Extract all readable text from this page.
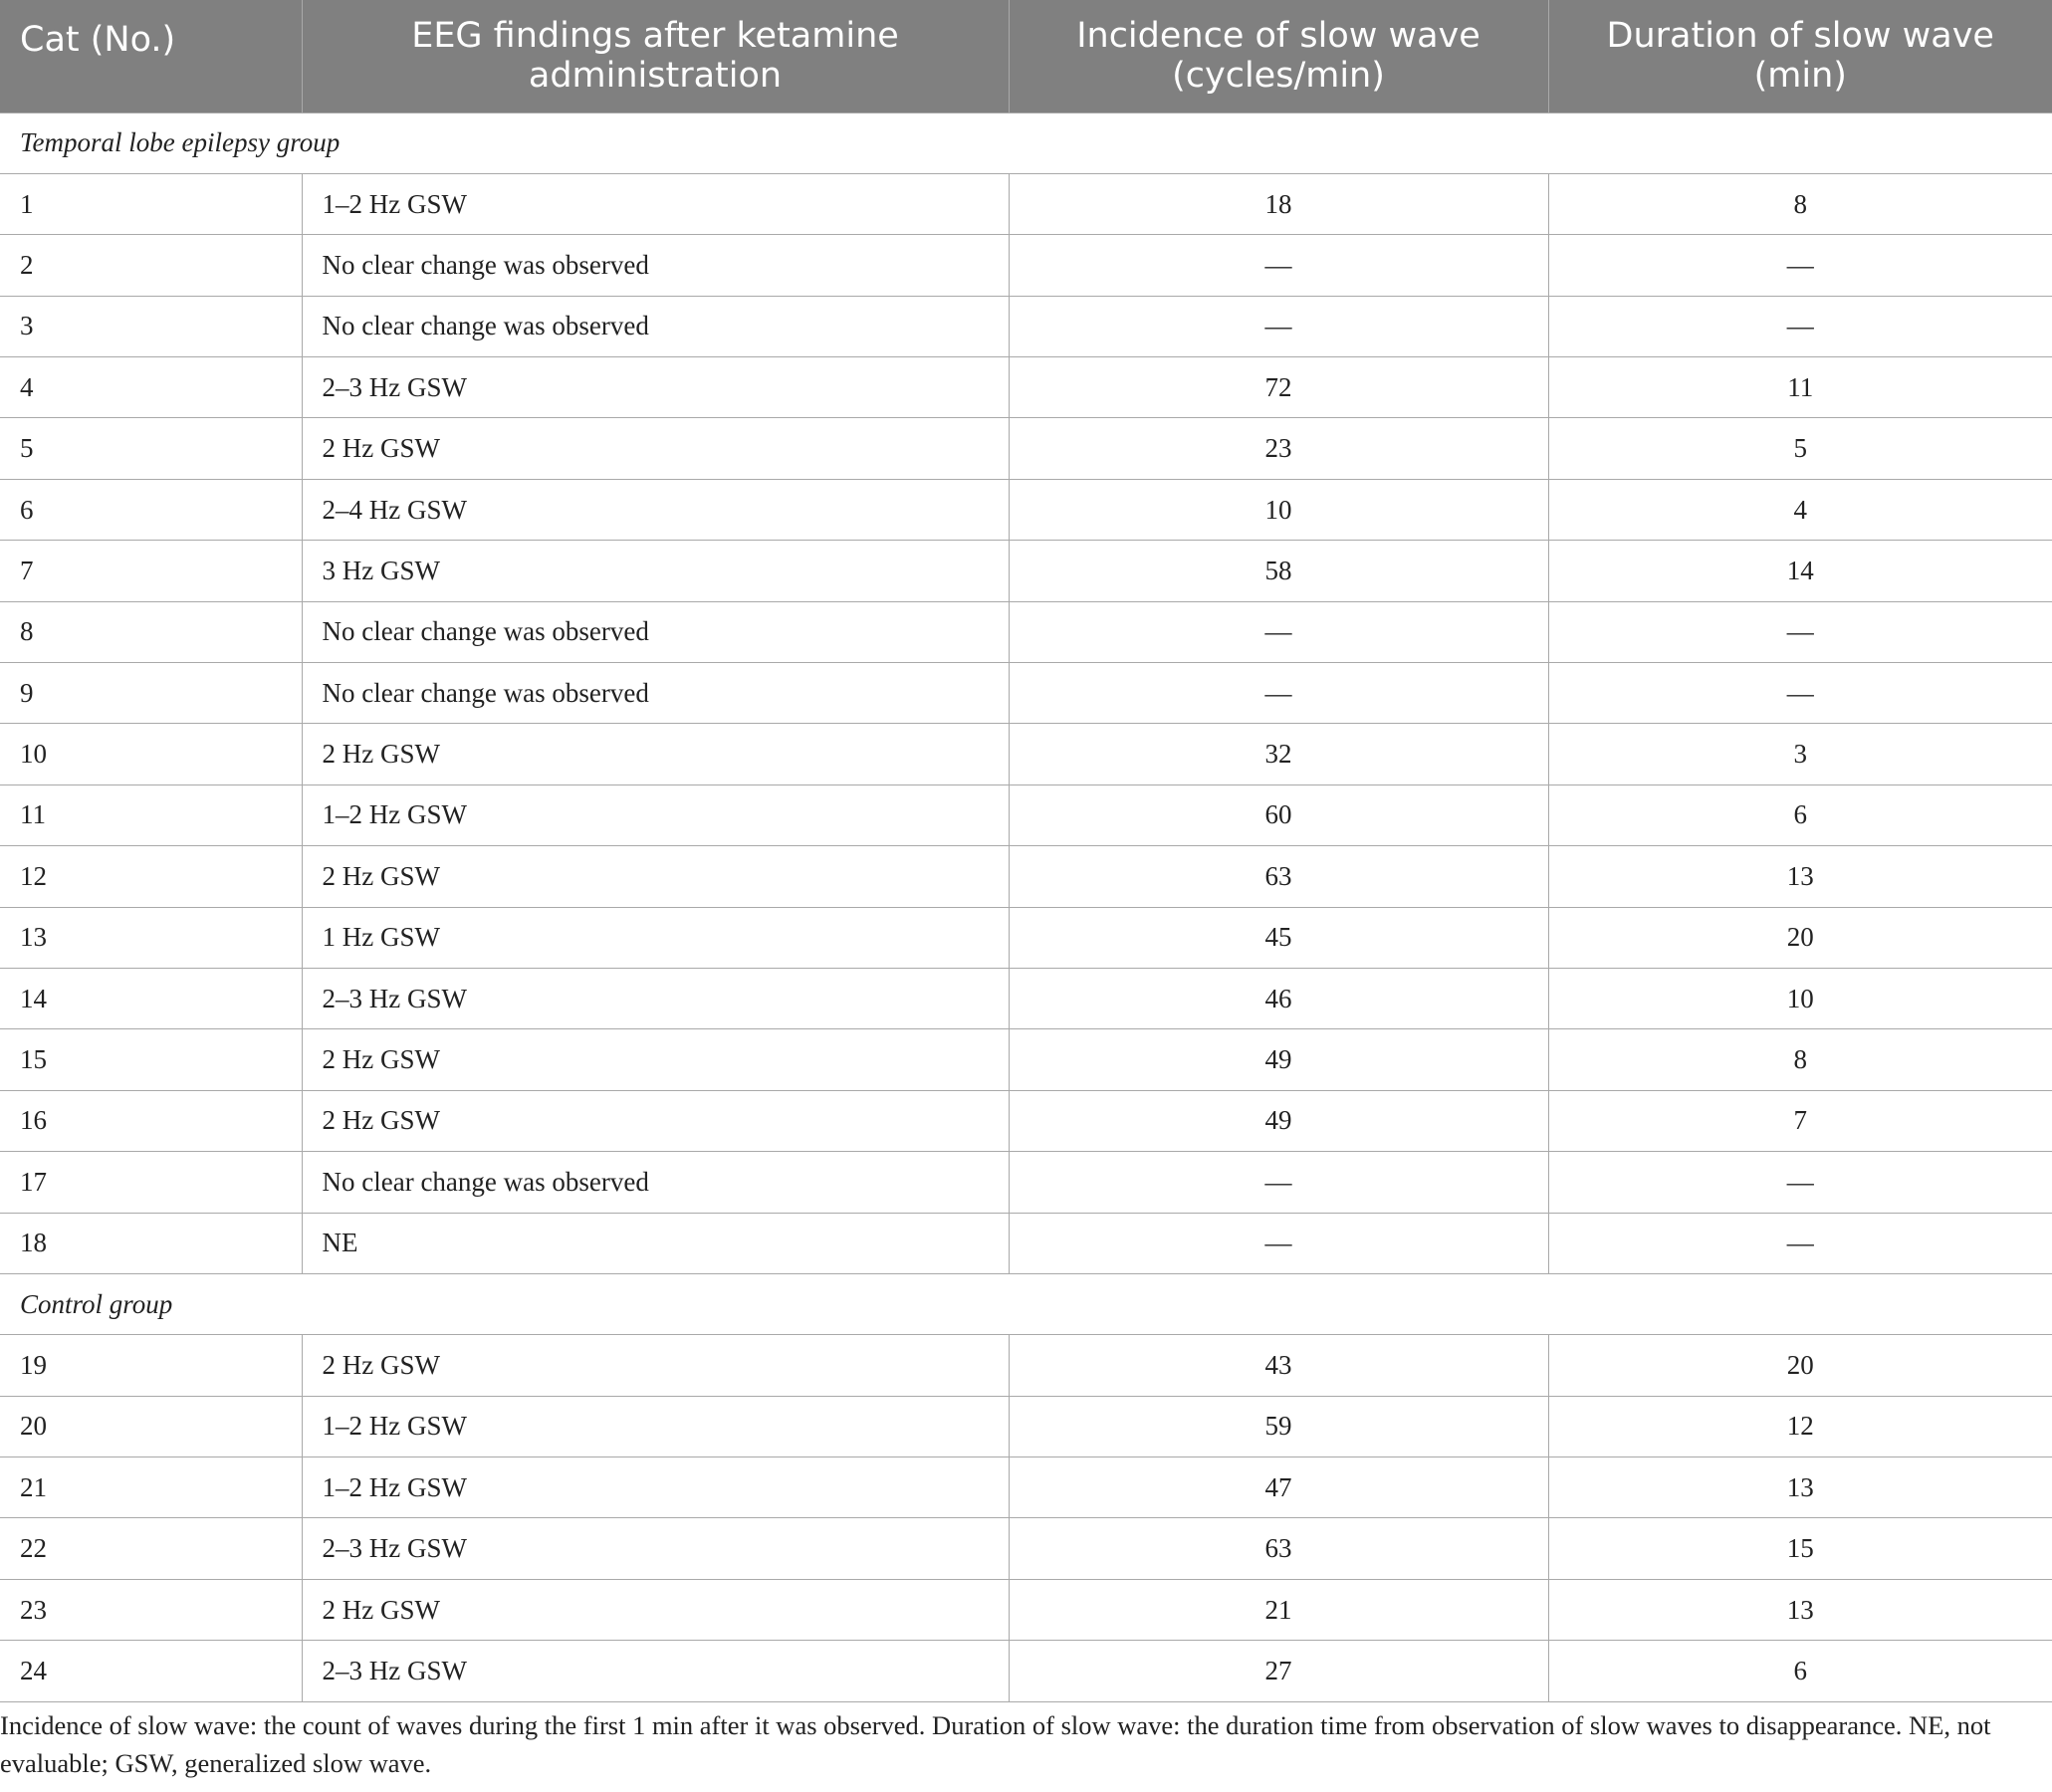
Cat (No.)	EEG findings after ketamine administration	Incidence of slow wave (cycles/min)	Duration of slow wave (min)
Temporal lobe epilepsy group			
1	1–2 Hz GSW	18	8
2	No clear change was observed	—	—
3	No clear change was observed	—	—
4	2–3 Hz GSW	72	11
5	2 Hz GSW	23	5
6	2–4 Hz GSW	10	4
7	3 Hz GSW	58	14
8	No clear change was observed	—	—
9	No clear change was observed	—	—
10	2 Hz GSW	32	3
11	1–2 Hz GSW	60	6
12	2 Hz GSW	63	13
13	1 Hz GSW	45	20
14	2–3 Hz GSW	46	10
15	2 Hz GSW	49	8
16	2 Hz GSW	49	7
17	No clear change was observed	—	—
18	NE	—	—
Control group			
19	2 Hz GSW	43	20
20	1–2 Hz GSW	59	12
21	1–2 Hz GSW	47	13
22	2–3 Hz GSW	63	15
23	2 Hz GSW	21	13
24	2–3 Hz GSW	27	6
Incidence of slow wave: the count of waves during the first 1 min after it was observed. Duration of slow wave: the duration time from observation of slow waves to disappearance. NE, not evaluable; GSW, generalized slow wave.
